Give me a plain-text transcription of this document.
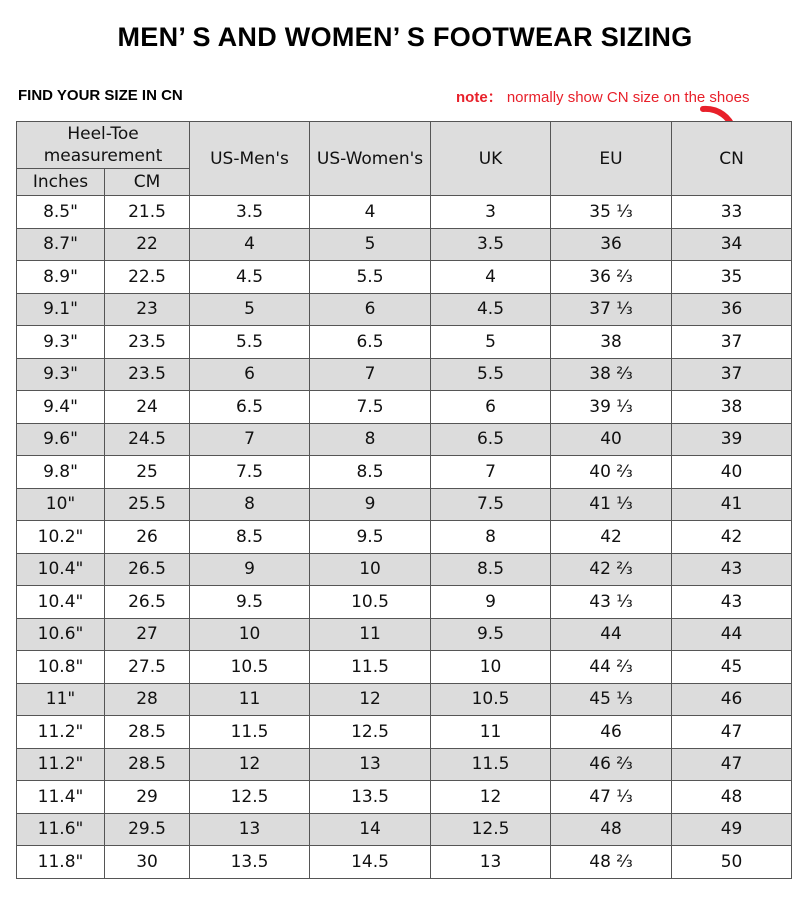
MEN’ S AND WOMEN’ S FOOTWEAR SIZING
FIND YOUR SIZE IN CN	note： normally show CN size on the shoes
Heel-Toe measurement		US-Men's	US-Women's	UK	EU	CN
Inches	CM					
8.5"	21.5	3.5	4	3	35 ⅓	33
8.7"	22	4	5	3.5	36	34
8.9"	22.5	4.5	5.5	4	36 ⅔	35
9.1"	23	5	6	4.5	37 ⅓	36
9.3"	23.5	5.5	6.5	5	38	37
9.3"	23.5	6	7	5.5	38 ⅔	37
9.4"	24	6.5	7.5	6	39 ⅓	38
9.6"	24.5	7	8	6.5	40	39
9.8"	25	7.5	8.5	7	40 ⅔	40
10"	25.5	8	9	7.5	41 ⅓	41
10.2"	26	8.5	9.5	8	42	42
10.4"	26.5	9	10	8.5	42 ⅔	43
10.4"	26.5	9.5	10.5	9	43 ⅓	43
10.6"	27	10	11	9.5	44	44
10.8"	27.5	10.5	11.5	10	44 ⅔	45
11"	28	11	12	10.5	45 ⅓	46
11.2"	28.5	11.5	12.5	11	46	47
11.2"	28.5	12	13	11.5	46 ⅔	47
11.4"	29	12.5	13.5	12	47 ⅓	48
11.6"	29.5	13	14	12.5	48	49
11.8"	30	13.5	14.5	13	48 ⅔	50
